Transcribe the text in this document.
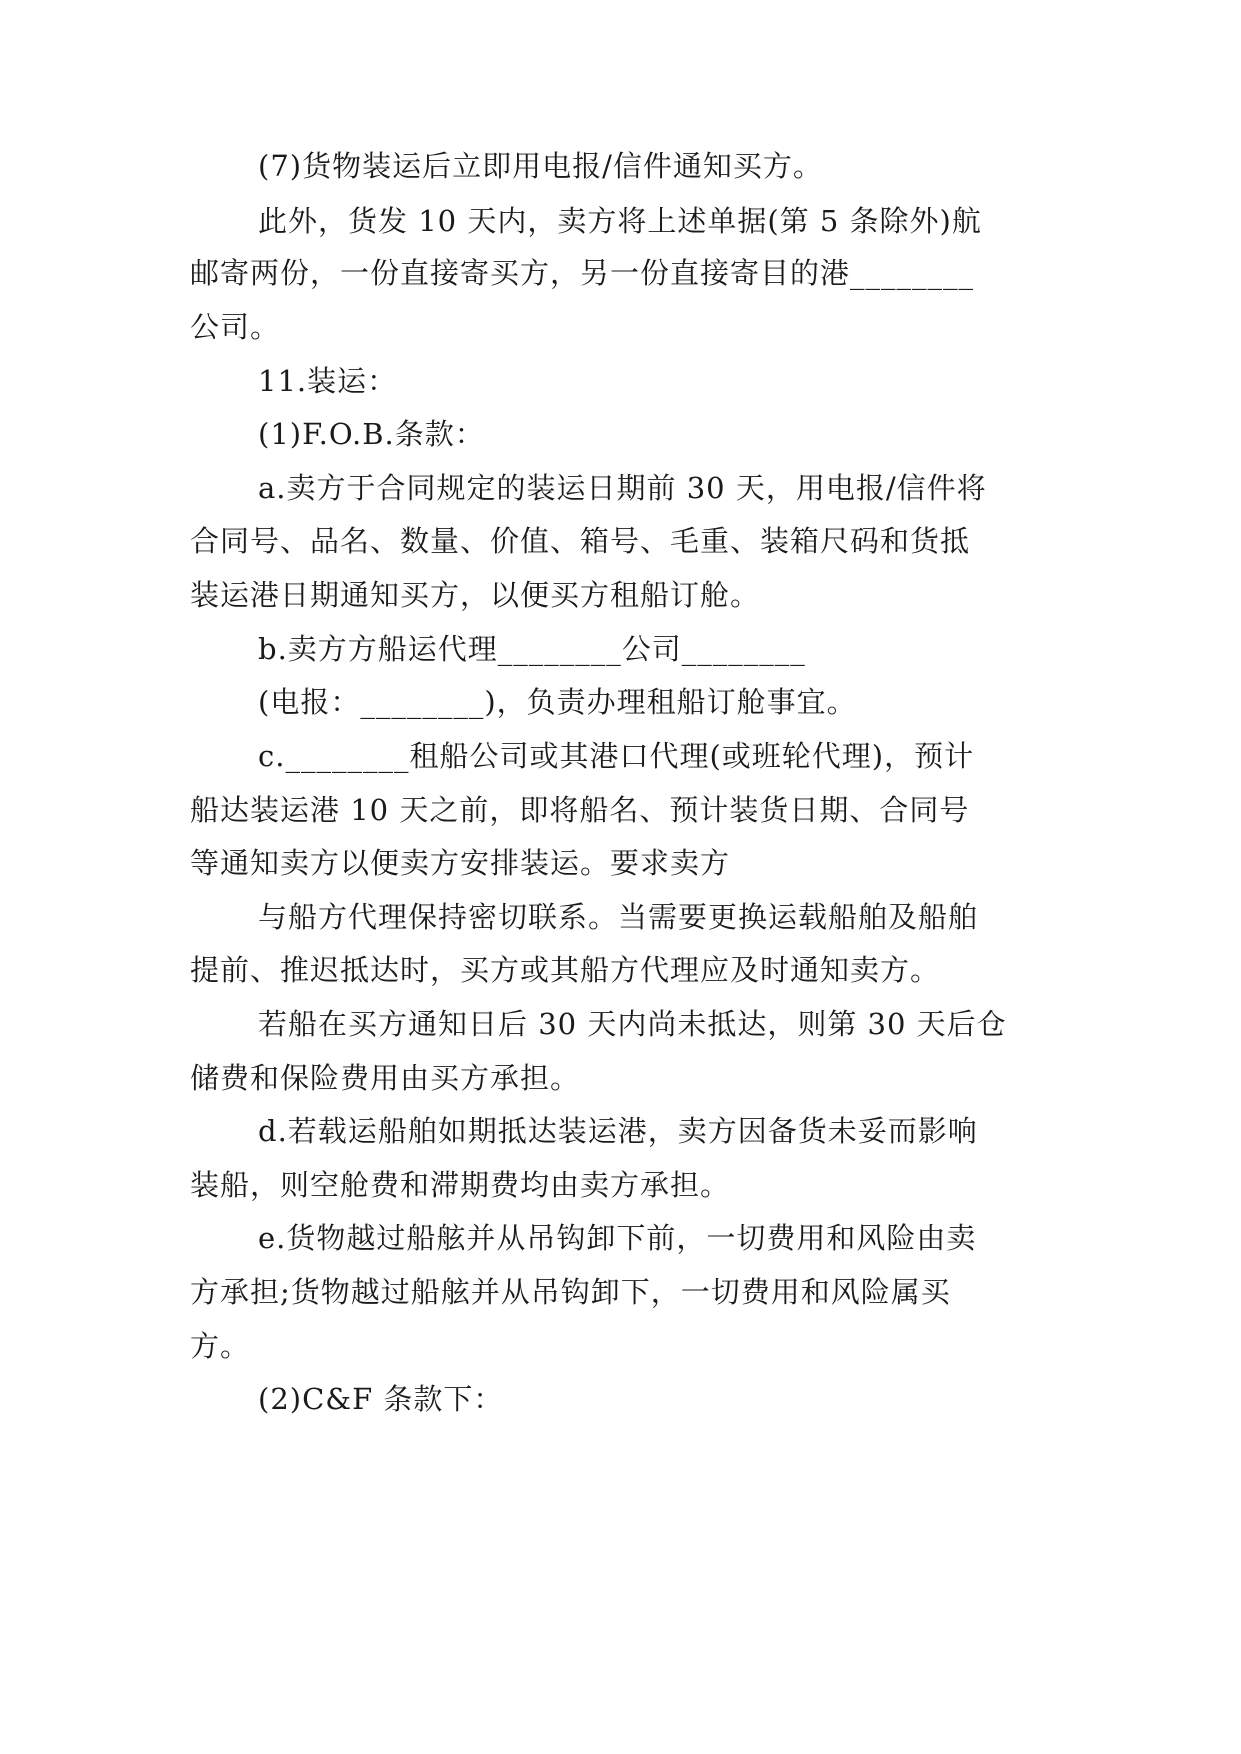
(7)货物装运后立即用电报/信件通知买方。

此外，货发 10 天内，卖方将上述单据(第 5 条除外)航

邮寄两份，一份直接寄买方，另一份直接寄目的港________

公司。

11.装运：

(1)F.O.B.条款：

a.卖方于合同规定的装运日期前 30 天，用电报/信件将

合同号、品名、数量、价值、箱号、毛重、装箱尺码和货抵

装运港日期通知买方，以便买方租船订舱。

b.卖方方船运代理________公司________

(电报：________)，负责办理租船订舱事宜。

c.________租船公司或其港口代理(或班轮代理)，预计

船达装运港 10 天之前，即将船名、预计装货日期、合同号

等通知卖方以便卖方安排装运。要求卖方

与船方代理保持密切联系。当需要更换运载船舶及船舶

提前、推迟抵达时，买方或其船方代理应及时通知卖方。

若船在买方通知日后 30 天内尚未抵达，则第 30 天后仓

储费和保险费用由买方承担。

d.若载运船舶如期抵达装运港，卖方因备货未妥而影响

装船，则空舱费和滞期费均由卖方承担。

e.货物越过船舷并从吊钩卸下前，一切费用和风险由卖

方承担;货物越过船舷并从吊钩卸下，一切费用和风险属买

方。

(2)C&F 条款下：
